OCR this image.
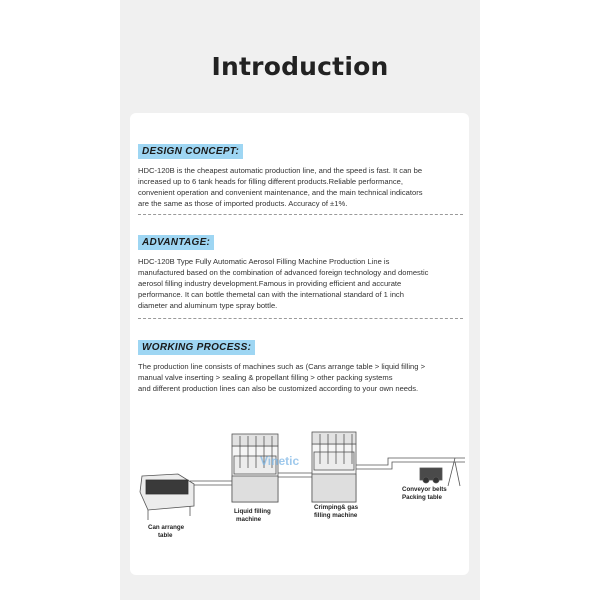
Introduction
DESIGN CONCEPT:
HDC-120B is the cheapest automatic production line, and the speed is fast. It can be
increased up to 6 tank heads for filling different products.Reliable performance,
convenient operation and convenient maintenance, and the main technical indicators
are the same as those of imported products. Accuracy of ±1%.
ADVANTAGE:
HDC-120B Type Fully Automatic Aerosol Filling Machine Production Line is
manufactured based on the combination of advanced foreign technology and domestic
aerosol filling industry development.Famous in providing efficient and accurate
performance. It can bottle themetal can with the international standard of 1 inch
diameter and aluminum type spray bottle.
WORKING PROCESS:
The production line consists of machines such as (Cans arrange table > liquid filling >
manual valve inserting > sealing & propellant filling > other packing systems
and different production lines can also be customized according to your own needs.
Vinetic
Can arrange
table
Liquid filling
machine
Crimping& gas
filling machine
Conveyor belts
Packing table
